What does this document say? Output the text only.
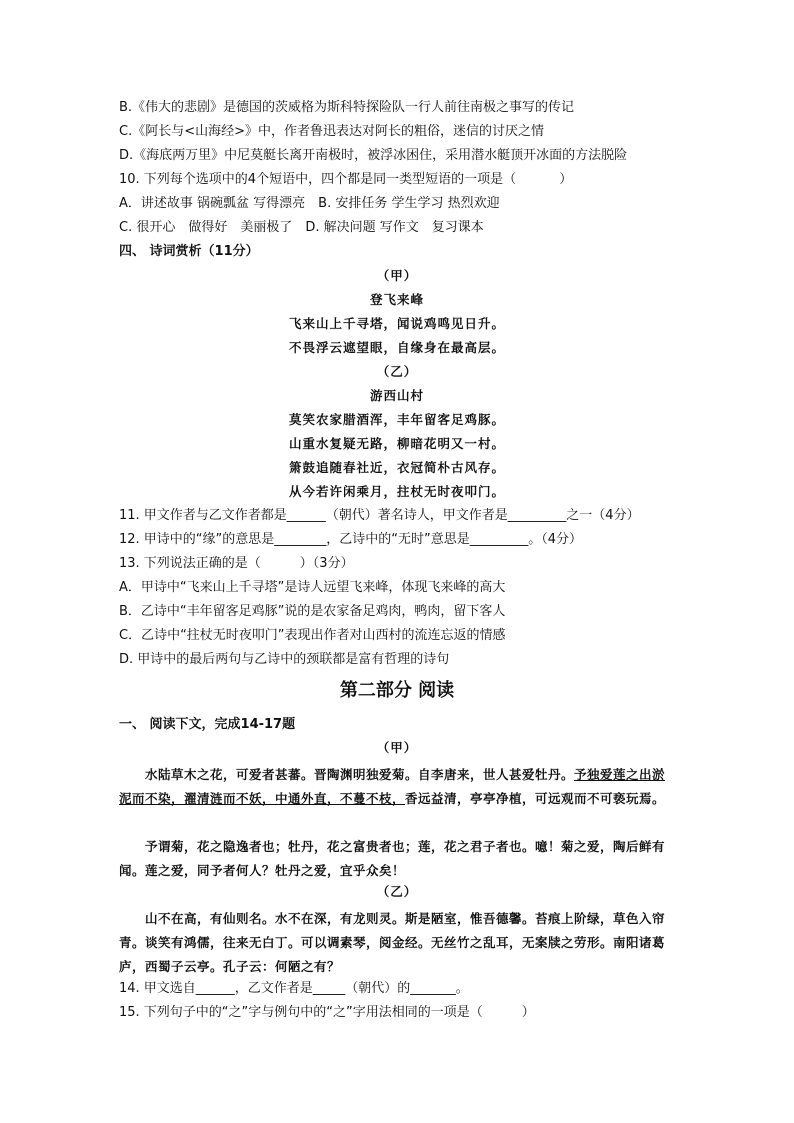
B.《伟大的悲剧》是德国的茨威格为斯科特探险队一行人前往南极之事写的传记
C.《阿长与<山海经>》中，作者鲁迅表达对阿长的粗俗，迷信的讨厌之情
D.《海底两万里》中尼莫艇长离开南极时，被浮冰困住，采用潜水艇顶开冰面的方法脱险
10. 下列每个选项中的4个短语中，四个都是同一类型短语的一项是（ 　　　）
A．讲述故事 锅碗瓢盆 写得漂亮　B. 安排任务 学生学习 热烈欢迎
C. 很开心　做得好　美丽极了　D. 解决问题 写作文　复习课本
四、 诗词赏析（11分）
（甲）
登飞来峰
飞来山上千寻塔，闻说鸡鸣见日升。
不畏浮云遮望眼，自缘身在最高层。
（乙）
游西山村
莫笑农家腊酒浑，丰年留客足鸡豚。
山重水复疑无路，柳暗花明又一村。
箫鼓追随春社近，衣冠简朴古风存。
从今若许闲乘月，拄杖无时夜叩门。
11. 甲文作者与乙文作者都是______（朝代）著名诗人，甲文作者是_________之一（4分）
12. 甲诗中的“缘”的意思是________，乙诗中的“无时”意思是_________。（4分）
13. 下列说法正确的是（　　　）（3分）
A．甲诗中“飞来山上千寻塔”是诗人远望飞来峰，体现飞来峰的高大
B．乙诗中“丰年留客足鸡豚”说的是农家备足鸡肉，鸭肉，留下客人
C．乙诗中“拄杖无时夜叩门”表现出作者对山西村的流连忘返的情感
D. 甲诗中的最后两句与乙诗中的颈联都是富有哲理的诗句
第二部分 阅读
一、 阅读下文，完成14-17题
（甲）

水陆草木之花，可爱者甚蕃。晋陶渊明独爱菊。自李唐来，世人甚爱牡丹。予独爱莲之出淤泥而不染，濯清涟而不妖，中通外直，不蔓不枝，香远益清，亭亭净植，可远观而不可亵玩焉。

予谓菊，花之隐逸者也；牡丹，花之富贵者也；莲，花之君子者也。噫！菊之爱，陶后鲜有闻。莲之爱，同予者何人？牡丹之爱，宜乎众矣！

（乙）

山不在高，有仙则名。水不在深，有龙则灵。斯是陋室，惟吾德馨。苔痕上阶绿，草色入帘青。谈笑有鸿儒，往来无白丁。可以调素琴，阅金经。无丝竹之乱耳，无案牍之劳形。南阳诸葛庐，西蜀子云亭。孔子云：何陋之有？

14. 甲文选自______，乙文作者是_____（朝代）的_______。
15. 下列句子中的“之”字与例句中的“之”字用法相同的一项是（　　　）
